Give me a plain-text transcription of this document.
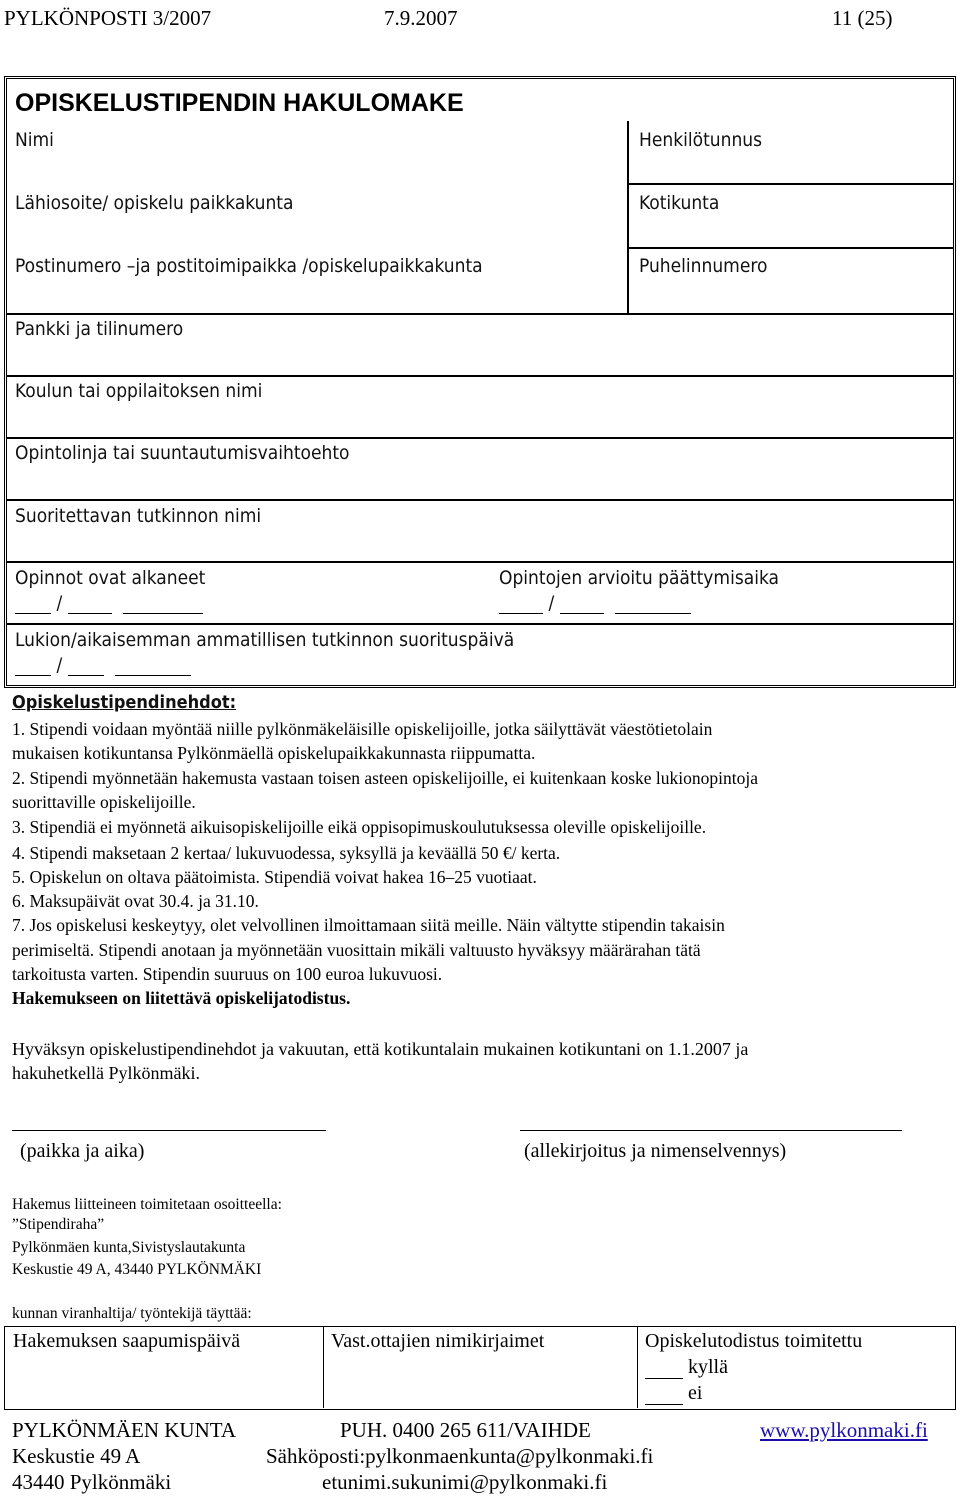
PYLKÖNPOSTI 3/2007	7.9.2007	11 (25)
OPISKELUSTIPENDIN HAKULOMAKE
Nimi
Lähiosoite/ opiskelu paikkakunta
Postinumero –ja postitoimipaikka /opiskelupaikkakunta
Henkilötunnus
Kotikunta
Puhelinnumero
Pankki ja tilinumero
Koulun tai oppilaitoksen nimi
Opintolinja tai suuntautumisvaihtoehto
Suoritettavan tutkinnon nimi
Opinnot ovat alkaneet
/
Opintojen arvioitu päättymisaika
/
Lukion/aikaisemman ammatillisen tutkinnon suorituspäivä
/
Opiskelustipendinehdot:
1. Stipendi voidaan myöntää niille pylkönmäkeläisille opiskelijoille, jotka säilyttävät väestötietolain
mukaisen kotikuntansa Pylkönmäellä opiskelupaikkakunnasta riippumatta.
2. Stipendi myönnetään hakemusta vastaan toisen asteen opiskelijoille, ei kuitenkaan koske lukionopintoja
suorittaville opiskelijoille.
3. Stipendiä ei myönnetä aikuisopiskelijoille eikä oppisopimuskoulutuksessa oleville opiskelijoille.
4. Stipendi maksetaan 2 kertaa/ lukuvuodessa, syksyllä ja keväällä 50 €/ kerta.
5. Opiskelun on oltava päätoimista. Stipendiä voivat hakea 16–25 vuotiaat.
6. Maksupäivät ovat 30.4. ja 31.10.
7. Jos opiskelusi keskeytyy, olet velvollinen ilmoittamaan siitä meille. Näin vältytte stipendin takaisin
perimiseltä. Stipendi anotaan ja myönnetään vuosittain mikäli valtuusto hyväksyy määrärahan tätä
tarkoitusta varten. Stipendin suuruus on 100 euroa lukuvuosi.
Hakemukseen on liitettävä opiskelijatodistus.
Hyväksyn opiskelustipendinehdot ja vakuutan, että kotikuntalain mukainen kotikuntani on 1.1.2007 ja
hakuhetkellä Pylkönmäki.
(paikka ja aika)	(allekirjoitus ja nimenselvennys)
Hakemus liitteineen toimitetaan osoitteella:
”Stipendiraha”
Pylkönmäen kunta,Sivistyslautakunta
Keskustie 49 A, 43440 PYLKÖNMÄKI
kunnan viranhaltija/ työntekijä täyttää:
Hakemuksen saapumispäivä	Vast.ottajien nimikirjaimet	Opiskelutodistus toimitettu
kyllä
ei
PYLKÖNMÄEN KUNTA	PUH. 0400 265 611/VAIHDE	www.pylkonmaki.fi
Keskustie 49 A	Sähköposti:pylkonmaenkunta@pylkonmaki.fi
43440 Pylkönmäki	etunimi.sukunimi@pylkonmaki.fi
